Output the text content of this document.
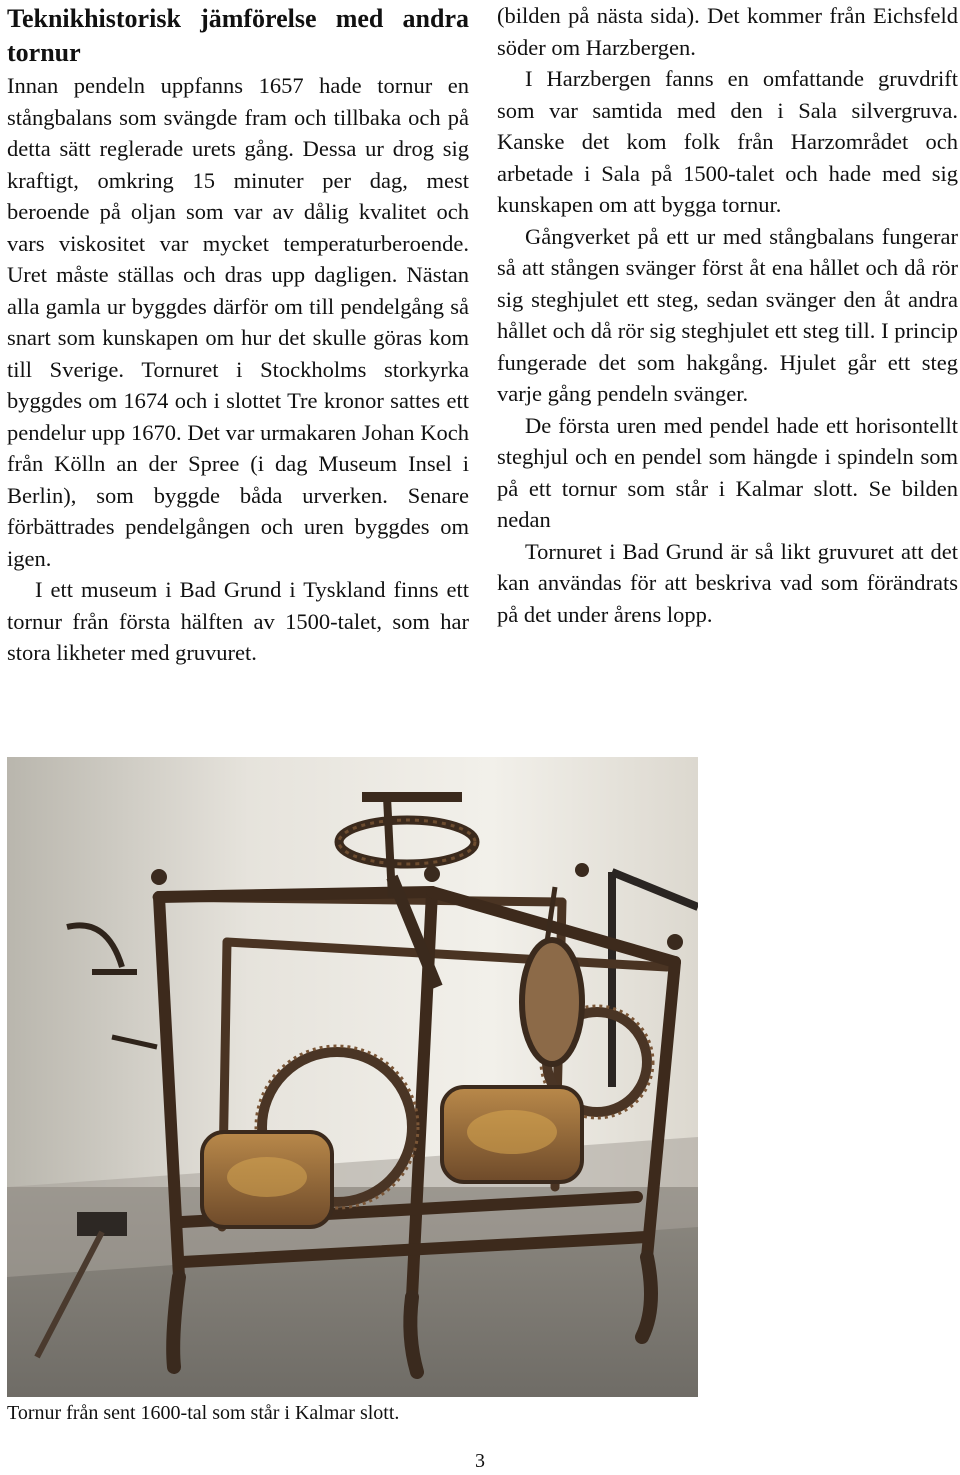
Teknikhistorisk jämförelse med andra tornur

Innan pendeln uppfanns 1657 hade tornur en stångbalans som svängde fram och tillbaka och på detta sätt reglerade urets gång. Dessa ur drog sig kraftigt, omkring 15 minuter per dag, mest beroende på oljan som var av dålig kvalitet och vars viskositet var mycket temperaturberoende. Uret måste ställas och dras upp dagligen. Nästan alla gamla ur byggdes därför om till pendelgång så snart som kunskapen om hur det skulle göras kom till Sverige. Tornuret i Stockholms storkyrka byggdes om 1674 och i slottet Tre kronor sattes ett pendelur upp 1670. Det var urmakaren Johan Koch från Kölln an der Spree (i dag Museum Insel i Berlin), som byggde båda urverken. Senare förbättrades pendelgången och uren byggdes om igen.

I ett museum i Bad Grund i Tyskland finns ett tornur från första hälften av 1500-talet, som har stora likheter med gruvuret.

(bilden på nästa sida). Det kommer från Eichsfeld söder om Harzbergen.

I Harzbergen fanns en omfattande gruvdrift som var samtida med den i Sala silvergruva. Kanske det kom folk från Harzområdet och arbetade i Sala på 1500-talet och hade med sig kunskapen om att bygga tornur.

Gångverket på ett ur med stångbalans fungerar så att stången svänger först åt ena hållet och då rör sig steghjulet ett steg, sedan svänger den åt andra hållet och då rör sig steghjulet ett steg till. I princip fungerade det som hakgång. Hjulet går ett steg varje gång pendeln svänger.

De första uren med pendel hade ett horisontellt steghjul och en pendel som hängde i spindeln som på ett tornur som står i Kalmar slott. Se bilden nedan

Tornuret i Bad Grund är så likt gruvuret att det kan användas för att beskriva vad som förändrats på det under årens lopp.

Tornur från sent 1600-tal som står i Kalmar slott.
3
